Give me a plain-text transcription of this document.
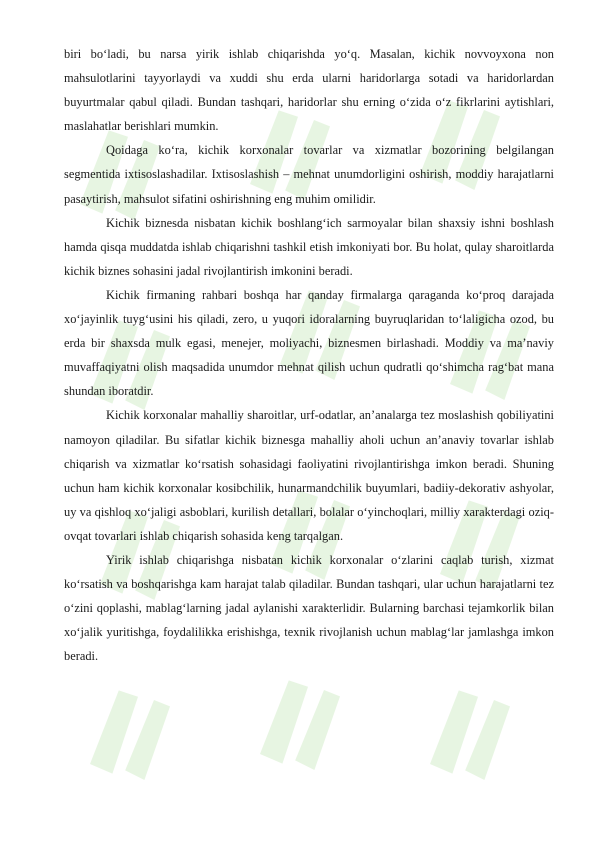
biri bo‘ladi, bu narsa yirik ishlab chiqarishda yo‘q. Masalan, kichik novvoyxona non mahsulotlarini tayyorlaydi va xuddi shu erda ularni haridorlarga sotadi va haridorlardan buyurtmalar qabul qiladi. Bundan tashqari, haridorlar shu erning o‘zida o‘z fikrlarini aytishlari, maslahatlar berishlari mumkin.

Qoidaga ko‘ra, kichik korxonalar tovarlar va xizmatlar bozorining belgilangan segmentida ixtisoslashadilar. Ixtisoslashish – mehnat unumdorligini oshirish, moddiy harajatlarni pasaytirish, mahsulot sifatini oshirishning eng muhim omilidir.

Kichik biznesda nisbatan kichik boshlang‘ich sarmoyalar bilan shaxsiy ishni boshlash hamda qisqa muddatda ishlab chiqarishni tashkil etish imkoniyati bor. Bu holat, qulay sharoitlarda kichik biznes sohasini jadal rivojlantirish imkonini beradi.

Kichik firmaning rahbari boshqa har qanday firmalarga qaraganda ko‘proq darajada xo‘jayinlik tuyg‘usini his qiladi, zero, u yuqori idoralarning buyruqlaridan to‘laligicha ozod, bu erda bir shaxsda mulk egasi, menejer, moliyachi, biznesmen birlashadi. Moddiy va ma’naviy muvaffaqiyatni olish maqsadida unumdor mehnat qilish uchun qudratli qo‘shimcha rag‘bat mana shundan iboratdir.

Kichik korxonalar mahalliy sharoitlar, urf-odatlar, an’analarga tez moslashish qobiliyatini namoyon qiladilar. Bu sifatlar kichik biznesga mahalliy aholi uchun an’anaviy tovarlar ishlab chiqarish va xizmatlar ko‘rsatish sohasidagi faoliyatini rivojlantirishga imkon beradi. Shuning uchun ham kichik korxonalar kosibchilik, hunarmandchilik buyumlari, badiiy-dekorativ ashyolar, uy va qishloq xo‘jaligi asboblari, kurilish detallari, bolalar o‘yinchoqlari, milliy xarakterdagi oziq-ovqat tovarlari ishlab chiqarish sohasida keng tarqalgan.

Yirik ishlab chiqarishga nisbatan kichik korxonalar o‘zlarini caqlab turish, xizmat ko‘rsatish va boshqarishga kam harajat talab qiladilar. Bundan tashqari, ular uchun harajatlarni tez o‘zini qoplashi, mablag‘larning jadal aylanishi xarakterlidir. Bularning barchasi tejamkorlik bilan xo‘jalik yuritishga, foydalilikka erishishga, texnik rivojlanish uchun mablag‘lar jamlashga imkon beradi.
